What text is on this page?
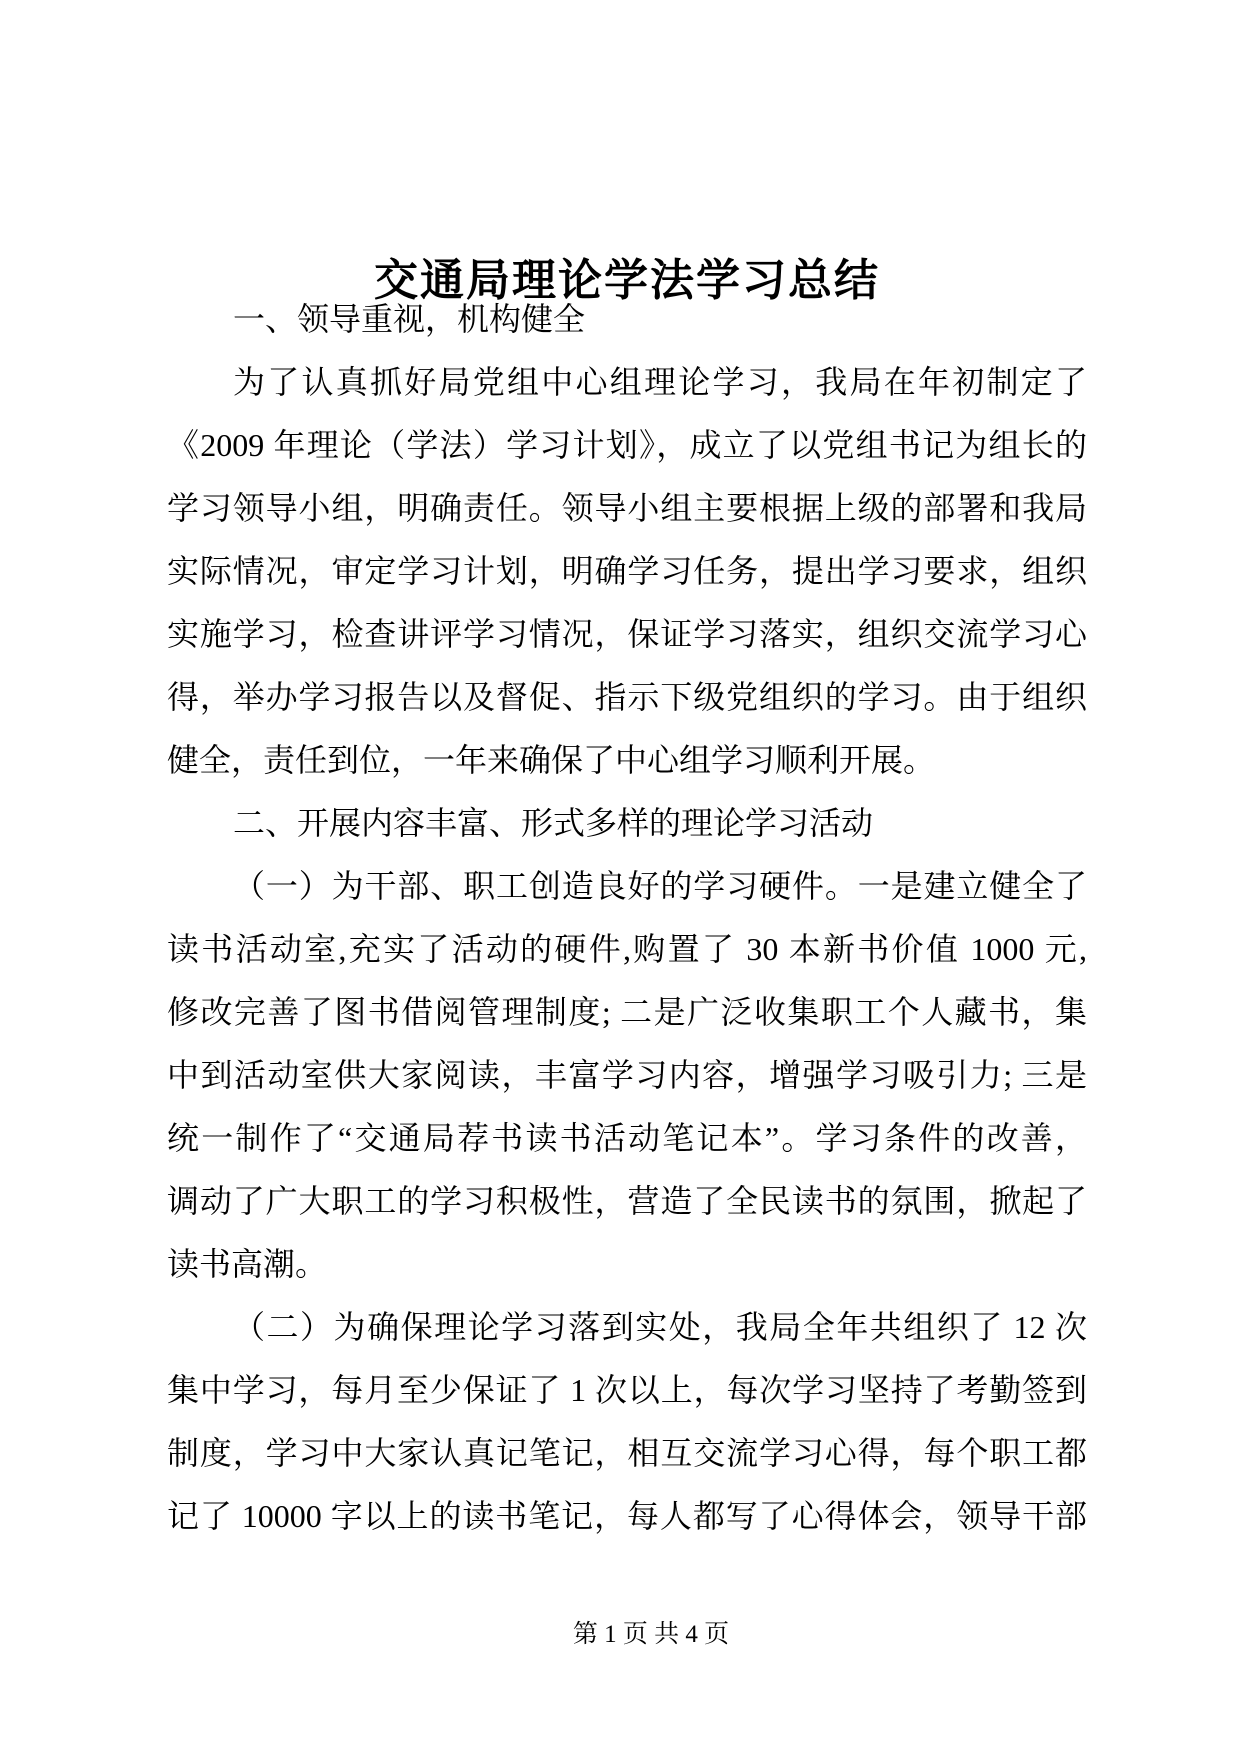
交通局理论学法学习总结
一、领导重视，机构健全
为了认真抓好局党组中心组理论学习，我局在年初制定了
《2009 年理论（学法）学习计划》，成立了以党组书记为组长的
学习领导小组，明确责任。领导小组主要根据上级的部署和我局
实际情况，审定学习计划，明确学习任务，提出学习要求，组织
实施学习，检查讲评学习情况，保证学习落实，组织交流学习心
得，举办学习报告以及督促、指示下级党组织的学习。由于组织
健全，责任到位，一年来确保了中心组学习顺利开展。
二、开展内容丰富、形式多样的理论学习活动
（一）为干部、职工创造良好的学习硬件。一是建立健全了
读书活动室,充实了活动的硬件,购置了 30 本新书价值 1000 元,
修改完善了图书借阅管理制度; 二是广泛收集职工个人藏书，集
中到活动室供大家阅读，丰富学习内容，增强学习吸引力; 三是
统一制作了“交通局荐书读书活动笔记本”。学习条件的改善，
调动了广大职工的学习积极性，营造了全民读书的氛围，掀起了
读书高潮。
（二）为确保理论学习落到实处，我局全年共组织了 12 次
集中学习，每月至少保证了 1 次以上，每次学习坚持了考勤签到
制度，学习中大家认真记笔记，相互交流学习心得，每个职工都
记了 10000 字以上的读书笔记，每人都写了心得体会，领导干部
第 1 页 共 4 页
